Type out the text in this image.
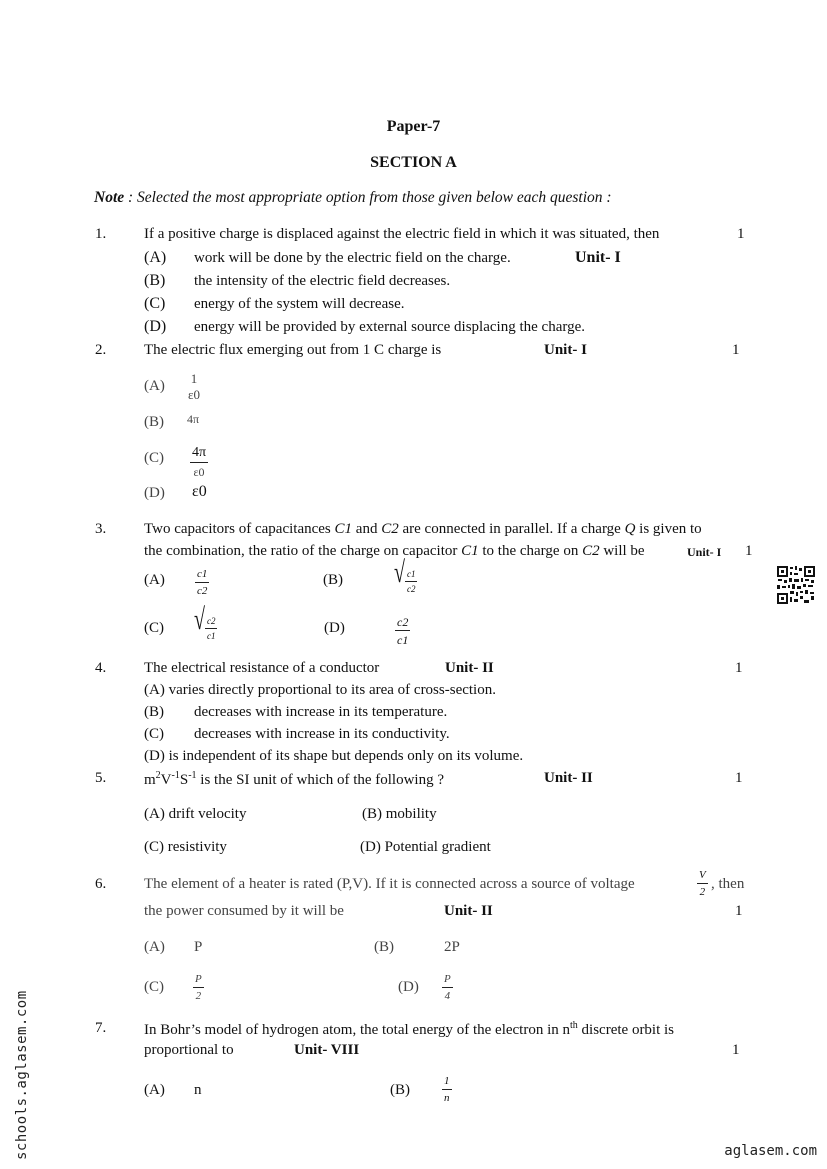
Paper-7
SECTION A
Note : Selected the most appropriate option from those given below each question :
1.	If a positive charge is displaced against the electric field in which it was situated, then	1
(A) work will be done by the electric field on the charge.	Unit- I
(B) the intensity of the electric field decreases.
(C) energy of the system will decrease.
(D) energy will be provided by external source displacing the charge.
2.	The electric flux emerging out from 1 C charge is	Unit- I	1
(A) 1
ε0
(B) 4π
$(C) \frac{4\pi}{\varepsilon 0}$
(D) ε0
3.	Two capacitors of capacitances C1 and C2 are connected in parallel. If a charge Q is given to
the combination, the ratio of the charge on capacitor C1 to the charge on C2 will be	Unit- I 1
(A)	$\frac{c1}{c2}$	(B)	√ $\frac{c1}{c2}$
(C) √ $\frac{c2}{c1}$	(D)	$\frac{c2}{c1}$
4.	The electrical resistance of a conductor	Unit- II	1
(A) varies directly proportional to its area of cross-section.
(B) decreases with increase in its temperature.
(C) decreases with increase in its conductivity.
(D) is independent of its shape but depends only on its volume.
5.	$m^2V^{-1}S^{-1}$ is the SI unit of which of the following ?	Unit- II	1
(A) drift velocity	(B) mobility
(C) resistivity	(D) Potential gradient
6.	The element of a heater is rated (P,V). If it is connected across a source of voltage	$\frac{V}{2}$ , then
the power consumed by it will be	Unit- II	1
(A) P	(B)	2P
(C)	$\frac{P}{2}$	$(D) \frac{P}{4}$
7.	In Bohr’s model of hydrogen atom, the total energy of the electron in $n^{th}$ discrete orbit is
proportional to	Unit- VIII	1
(A) n	(B)	$\frac{1}{n}$
schools.aglasem.com	aglasem.com
